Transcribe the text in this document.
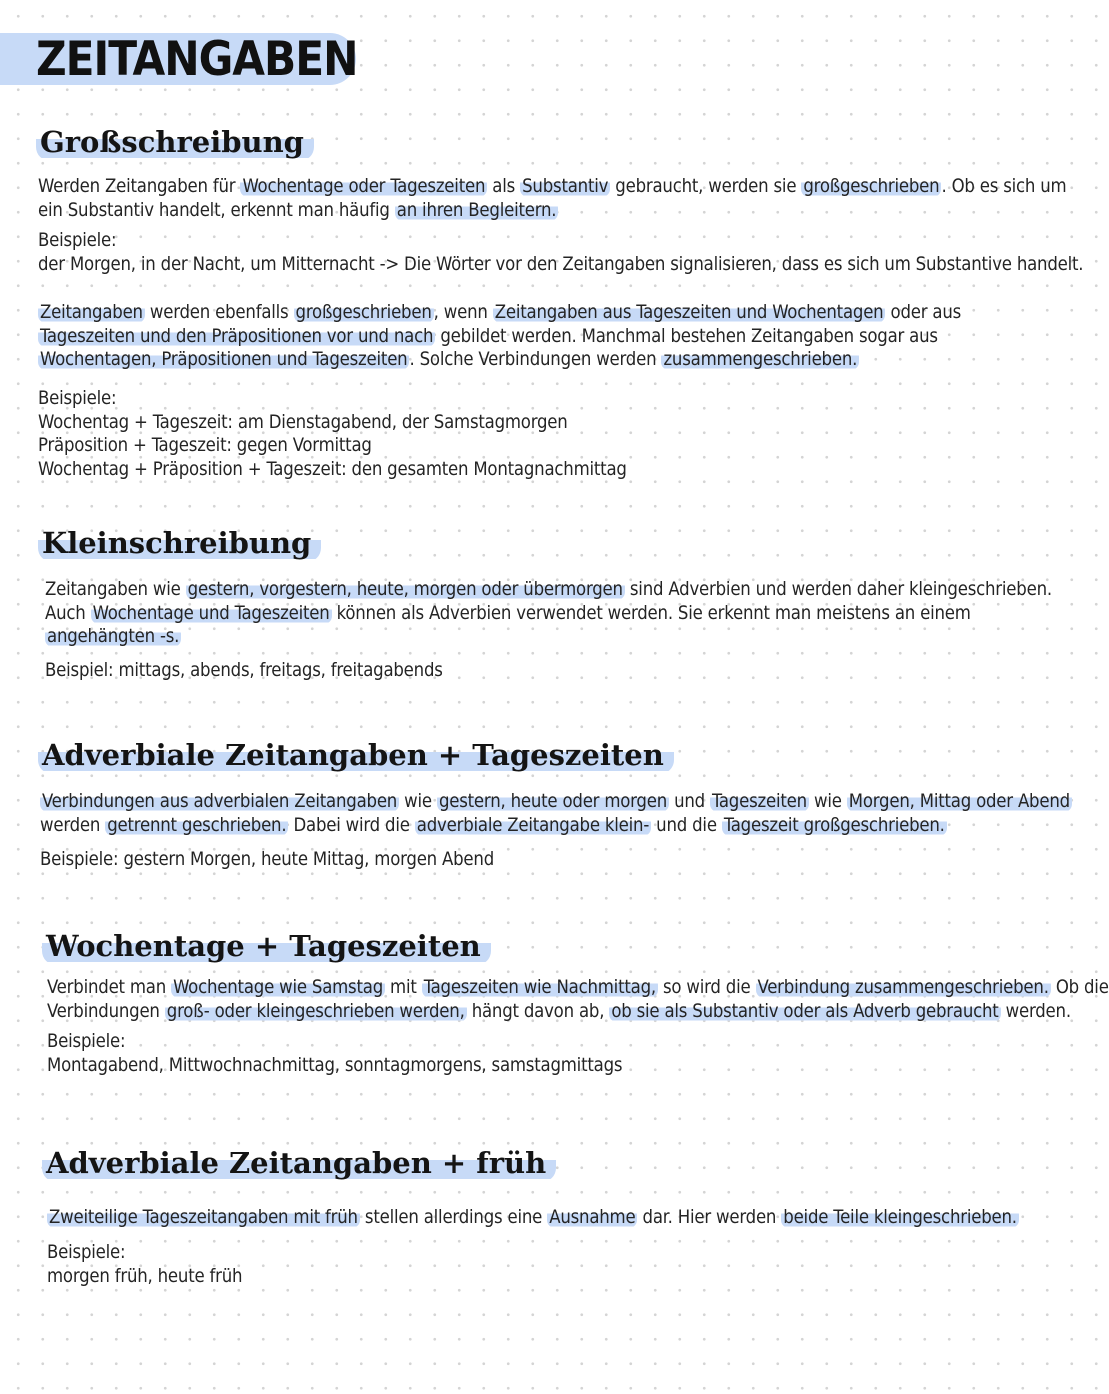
ZEITANGABEN
Großschreibung
Werden Zeitangaben für Wochentage oder Tageszeiten als Substantiv gebraucht, werden sie großgeschrieben . Ob es sich um
ein Substantiv handelt, erkennt man häufig an ihren Begleitern.
Beispiele:
der Morgen, in der Nacht, um Mitternacht -> Die Wörter vor den Zeitangaben signalisieren, dass es sich um Substantive handelt.
Zeitangaben werden ebenfalls großgeschrieben , wenn Zeitangaben aus Tageszeiten und Wochentagen oder aus
Tageszeiten und den Präpositionen vor und nach gebildet werden. Manchmal bestehen Zeitangaben sogar aus
Wochentagen, Präpositionen und Tageszeiten . Solche Verbindungen werden zusammengeschrieben.
Beispiele:
Wochentag + Tageszeit: am Dienstagabend, der Samstagmorgen
Präposition + Tageszeit: gegen Vormittag
Wochentag + Präposition + Tageszeit: den gesamten Montagnachmittag
Kleinschreibung
Zeitangaben wie gestern, vorgestern, heute, morgen oder übermorgen sind Adverbien und werden daher kleingeschrieben.
Auch Wochentage und Tageszeiten können als Adverbien verwendet werden. Sie erkennt man meistens an einem
angehängten -s.
Beispiel: mittags, abends, freitags, freitagabends
Adverbiale Zeitangaben + Tageszeiten
Verbindungen aus adverbialen Zeitangaben wie gestern, heute oder morgen und Tageszeiten wie Morgen, Mittag oder Abend
werden getrennt geschrieben. Dabei wird die adverbiale Zeitangabe klein- und die Tageszeit großgeschrieben.
Beispiele: gestern Morgen, heute Mittag, morgen Abend
Wochentage + Tageszeiten
Verbindet man Wochentage wie Samstag mit Tageszeiten wie Nachmittag, so wird die Verbindung zusammengeschrieben. Ob die
Verbindungen groß- oder kleingeschrieben werden, hängt davon ab, ob sie als Substantiv oder als Adverb gebraucht werden.
Beispiele:
Montagabend, Mittwochnachmittag, sonntagmorgens, samstagmittags
Adverbiale Zeitangaben + früh
Zweiteilige Tageszeitangaben mit früh stellen allerdings eine Ausnahme dar. Hier werden beide Teile kleingeschrieben.
Beispiele:
morgen früh, heute früh
